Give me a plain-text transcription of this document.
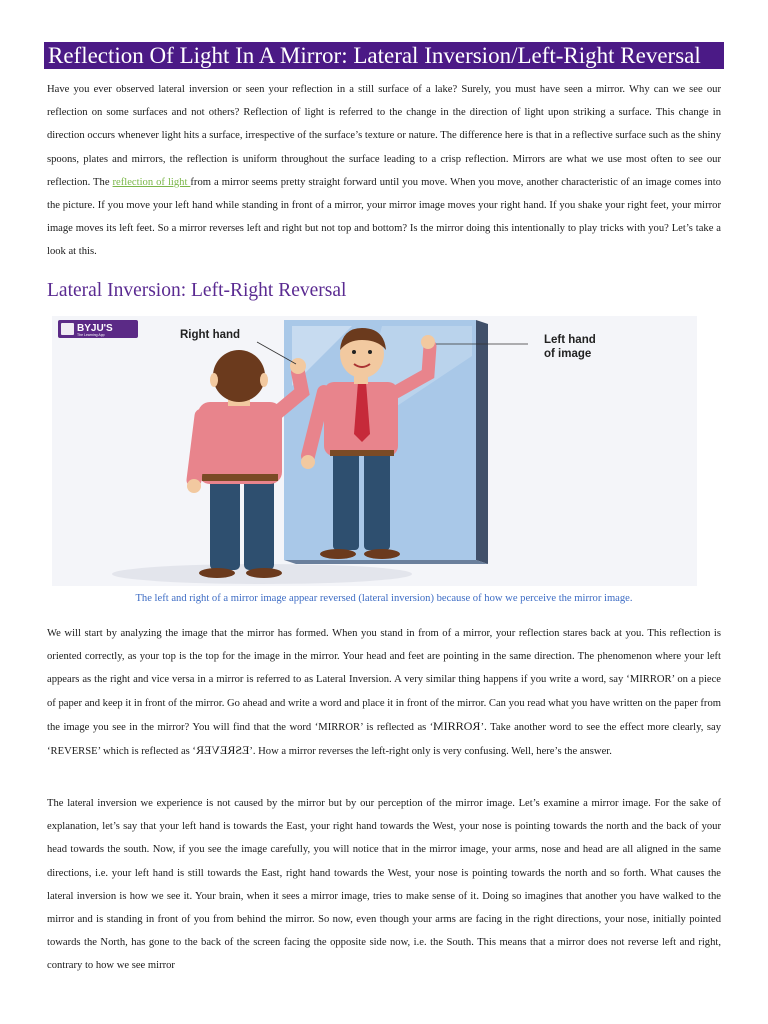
Reflection Of Light In A Mirror: Lateral Inversion/Left-Right Reversal

Have you ever observed lateral inversion or seen your reflection in a still surface of a lake? Surely, you must have seen a mirror. Why can we see our reflection on some surfaces and not others? Reflection of light is referred to the change in the direction of light upon striking a surface. This change in direction occurs whenever light hits a surface, irrespective of the surface’s texture or nature. The difference here is that in a reflective surface such as the shiny spoons, plates and mirrors, the reflection is uniform throughout the surface leading to a crisp reflection. Mirrors are what we use most often to see our reflection. The reflection of light from a mirror seems pretty straight forward until you move. When you move, another characteristic of an image comes into the picture. If you move your left hand while standing in front of a mirror, your mirror image moves your right hand. If you shake your right feet, your mirror image moves its left feet. So a mirror reverses left and right but not top and bottom? Is the mirror doing this intentionally to play tricks with you? Let’s take a look at this.

Lateral Inversion: Left-Right Reversal
BYJU'S
The Learning App	Right hand	Left hand
of image
The left and right of a mirror image appear reversed (lateral inversion) because of how we perceive the mirror image.

We will start by analyzing the image that the mirror has formed. When you stand in from of a mirror, your reflection stares back at you. This reflection is oriented correctly, as your top is the top for the image in the mirror. Your head and feet are pointing in the same direction. The phenomenon where your left appears as the right and vice versa in a mirror is referred to as Lateral Inversion. A very similar thing happens if you write a word, say ‘MIRROR’ on a piece of paper and keep it in front of the mirror. Go ahead and write a word and place it in front of the mirror. Can you read what you have written on the paper from the image you see in the mirror? You will find that the word ‘MIRROR’ is reflected as ‘ROЯЯIM’. Take another word to see the effect more clearly, say ‘REVERSE’ which is reflected as ‘ESREVER’. How a mirror reverses the left-right only is very confusing. Well, here’s the answer.

The lateral inversion we experience is not caused by the mirror but by our perception of the mirror image. Let’s examine a mirror image. For the sake of explanation, let’s say that your left hand is towards the East, your right hand towards the West, your nose is pointing towards the north and the back of your head towards the south. Now, if you see the image carefully, you will notice that in the mirror image, your arms, nose and head are all aligned in the same directions, i.e. your left hand is still towards the East, right hand towards the West, your nose is pointing towards the north and so forth. What causes the lateral inversion is how we see it. Your brain, when it sees a mirror image, tries to make sense of it. Doing so imagines that another you have walked to the mirror and is standing in front of you from behind the mirror. So now, even though your arms are facing in the right directions, your nose, initially pointed towards the North, has gone to the back of the screen facing the opposite side now, i.e. the South. This means that a mirror does not reverse left and right, contrary to how we see mirror
